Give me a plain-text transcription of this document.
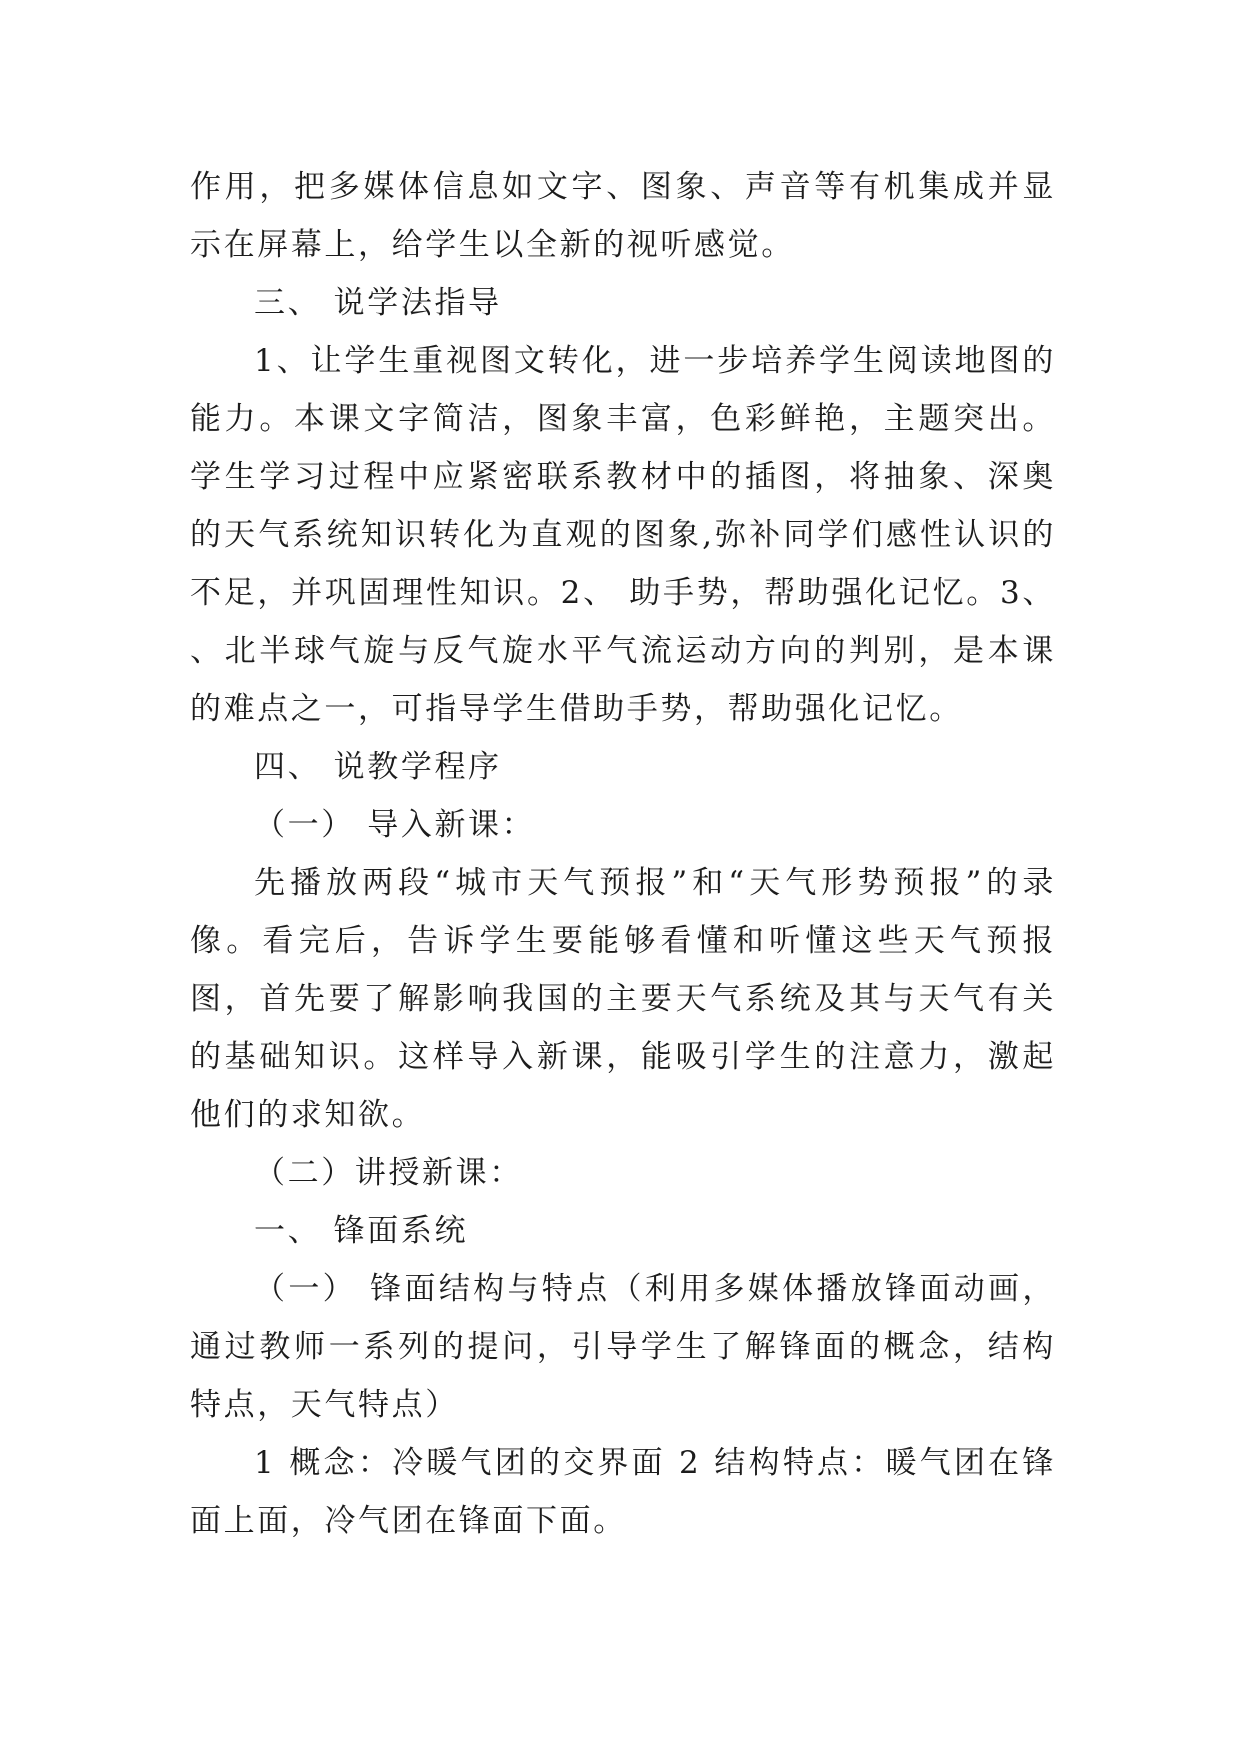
作用，把多媒体信息如文字、图象、声音等有机集成并显示在屏幕上，给学生以全新的视听感觉。

三、 说学法指导

1、让学生重视图文转化，进一步培养学生阅读地图的能力。本课文字简洁，图象丰富，色彩鲜艳，主题突出。学生学习过程中应紧密联系教材中的插图，将抽象、深奥的天气系统知识转化为直观的图象,弥补同学们感性认识的不足，并巩固理性知识。2、 助手势，帮助强化记忆。3、 、北半球气旋与反气旋水平气流运动方向的判别，是本课的难点之一，可指导学生借助手势，帮助强化记忆。

四、 说教学程序

（一） 导入新课：

先播放两段“城市天气预报”和“天气形势预报”的录像。看完后，告诉学生要能够看懂和听懂这些天气预报图，首先要了解影响我国的主要天气系统及其与天气有关的基础知识。这样导入新课，能吸引学生的注意力，激起他们的求知欲。

（二）讲授新课：

一、 锋面系统

（一） 锋面结构与特点（利用多媒体播放锋面动画，通过教师一系列的提问，引导学生了解锋面的概念，结构特点，天气特点）

1 概念：冷暖气团的交界面 2 结构特点：暖气团在锋面上面，冷气团在锋面下面。
